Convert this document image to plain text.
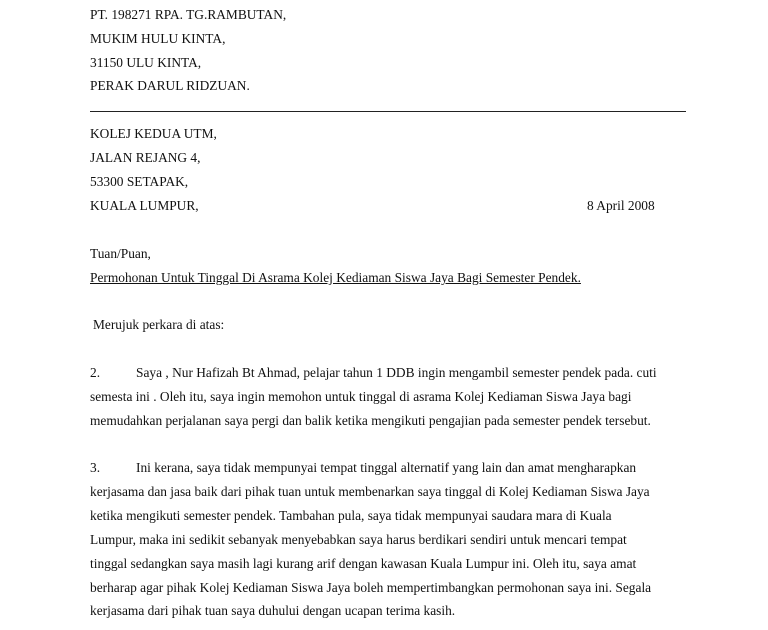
PT. 198271 RPA. TG.RAMBUTAN,
MUKIM HULU KINTA,
31150 ULU KINTA,
PERAK DARUL RIDZUAN.
KOLEJ KEDUA UTM,
JALAN REJANG 4,
53300 SETAPAK,
KUALA LUMPUR,	8 April 2008
Tuan/Puan,
Permohonan Untuk Tinggal Di Asrama Kolej Kediaman Siswa Jaya Bagi Semester Pendek.
Merujuk perkara di atas:
2.	Saya , Nur Hafizah Bt Ahmad, pelajar tahun 1 DDB ingin mengambil semester pendek pada. cuti
semesta ini . Oleh itu, saya ingin memohon untuk tinggal di asrama Kolej Kediaman Siswa Jaya bagi
memudahkan perjalanan saya pergi dan balik ketika mengikuti pengajian pada semester pendek tersebut.
3.	Ini kerana, saya tidak mempunyai tempat tinggal alternatif yang lain dan amat mengharapkan
kerjasama dan jasa baik dari pihak tuan untuk membenarkan saya tinggal di Kolej Kediaman Siswa Jaya
ketika mengikuti semester pendek. Tambahan pula, saya tidak mempunyai saudara mara di Kuala
Lumpur, maka ini sedikit sebanyak menyebabkan saya harus berdikari sendiri untuk mencari tempat
tinggal sedangkan saya masih lagi kurang arif dengan kawasan Kuala Lumpur ini. Oleh itu, saya amat
berharap agar pihak Kolej Kediaman Siswa Jaya boleh mempertimbangkan permohonan saya ini. Segala
kerjasama dari pihak tuan saya duhului dengan ucapan terima kasih.
